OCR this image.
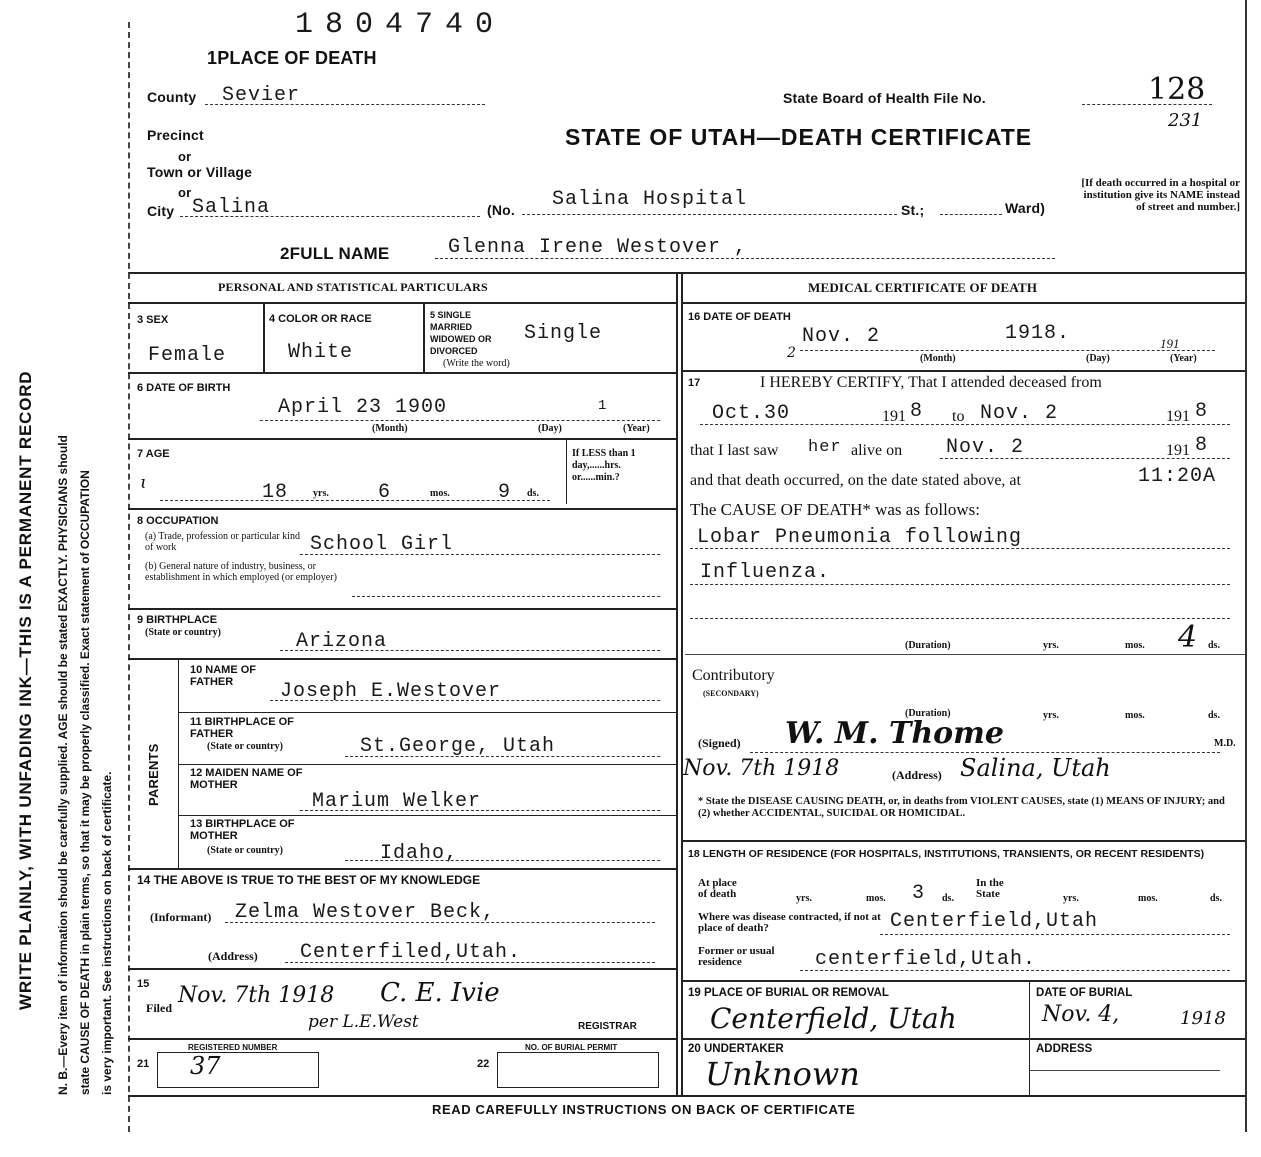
WRITE PLAINLY, WITH UNFADING INK—THIS IS A PERMANENT RECORD N. B.—Every item of information should be carefully supplied. AGE should be stated EXACTLY. PHYSICIANS should state CAUSE OF DEATH in plain terms, so that it may be properly classified. Exact statement of OCCUPATION is very important. See instructions on back of certificate.
1804740
1PLACE OF DEATH
County Sevier	State Board of Health File No.	128
231
Precinct
or
Town or Village
or
City Salina
STATE OF UTAH—DEATH CERTIFICATE
(No. Salina Hospital	St.;	Ward)
[If death occurred in a hospital or institution give its NAME instead of street and number.]
2FULL NAME	Glenna Irene Westover ,
PERSONAL AND STATISTICAL PARTICULARS
3 SEX
Female
4 COLOR OR RACE
White
5 SINGLE MARRIED WIDOWED OR DIVORCED
(Write the word)
Single
6 DATE OF BIRTH
April 23 1900	1
(Month)	(Day)	(Year)
7 AGE
ɩ	18 yrs. 6	mos. 9 ds.
If LESS than 1 day,......hrs. or......min.?
8 OCCUPATION
(a) Trade, profession or particular kind of work	School Girl
(b) General nature of industry, business, or establishment in which employed (or employer)
9 BIRTHPLACE
(State or country)	Arizona
PARENTS
10 NAME OF FATHER	Joseph E.Westover
11 BIRTHPLACE OF FATHER
(State or country)	St.George, Utah
12 MAIDEN NAME OF MOTHER
Marium Welker
13 BIRTHPLACE OF MOTHER
(State or country)	Idaho,
14 THE ABOVE IS TRUE TO THE BEST OF MY KNOWLEDGE
(Informant) Zelma Westover Beck,
(Address) Centerfiled,Utah.
15
Filed Nov. 7th 1918 C. E. Ivie
per L.E.West	REGISTRAR
REGISTERED NUMBER	NO. OF BURIAL PERMIT
21 37	22
MEDICAL CERTIFICATE OF DEATH
16 DATE OF DEATH
Nov. 2	1918.
2
191
(Month)	(Day)	(Year)
17	I HEREBY CERTIFY, That I attended deceased from
Oct.30	191 8 to Nov. 2	191 8
that I last saw her alive on Nov. 2	191 8
and that death occurred, on the date stated above, at	11:20A
The CAUSE OF DEATH* was as follows:
Lobar Pneumonia following
Influenza.
(Duration)	yrs.	mos. 4 ds.
Contributory
(SECONDARY)
(Duration)	yrs.	mos.	ds.
(Signed) W. M. Thome	M.D.
Nov. 7th 1918	(Address) Salina, Utah
* State the DISEASE CAUSING DEATH, or, in deaths from VIOLENT CAUSES, state (1) MEANS OF INJURY; and (2) whether ACCIDENTAL, SUICIDAL OR HOMICIDAL.
18 LENGTH OF RESIDENCE (FOR HOSPITALS, INSTITUTIONS, TRANSIENTS, OR RECENT RESIDENTS)
At place of death	yrs.	mos. 3 ds.
In the State	yrs.	mos.	ds.
Where was disease contracted, if not at place of death?	Centerfield,Utah
Former or usual residence	centerfield,Utah.
19 PLACE OF BURIAL OR REMOVAL	DATE OF BURIAL
Centerfield, Utah	Nov. 4,	1918
20 UNDERTAKER
Unknown
ADDRESS
READ CAREFULLY INSTRUCTIONS ON BACK OF CERTIFICATE
